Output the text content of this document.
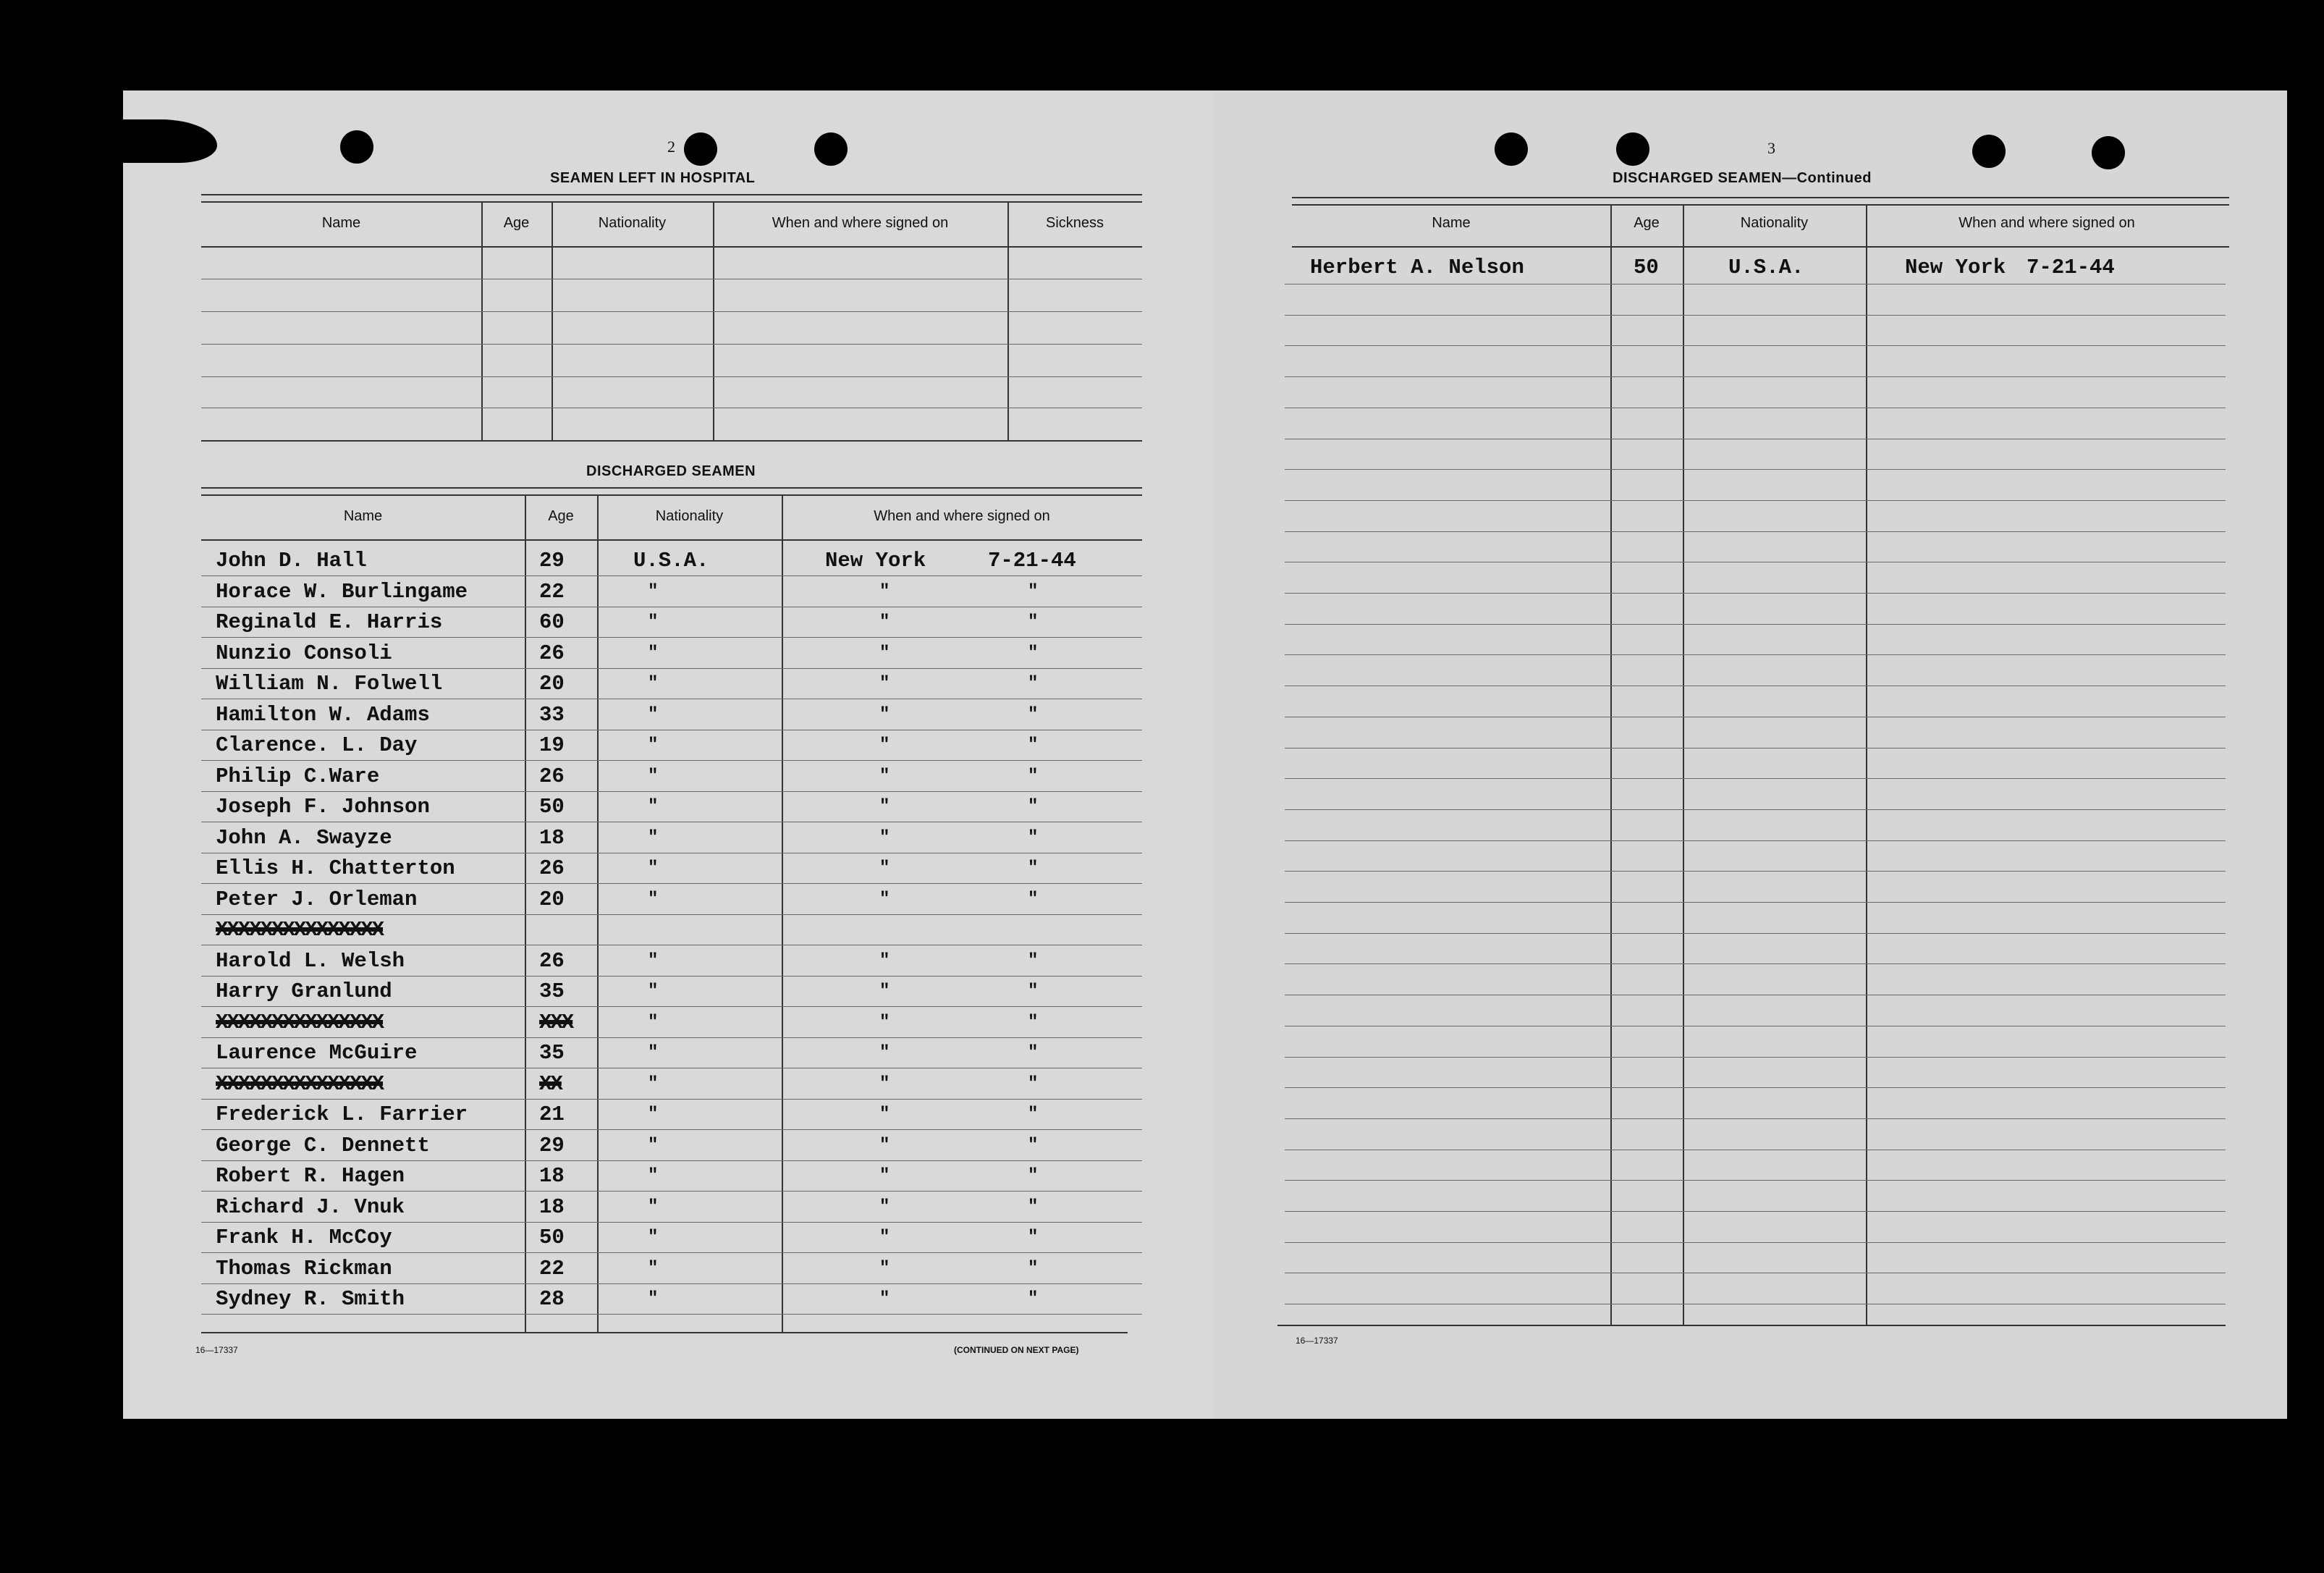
2
SEAMEN LEFT IN HOSPITAL
Name	Age	Nationality	When and where signed on	Sickness
DISCHARGED SEAMEN
Name	Age	Nationality	When and where signed on
John D. Hall	29	U.S.A.	New York	7-21-44
Horace W. Burlingame	22	"	"	"
Reginald E. Harris	60	"	"	"
Nunzio Consoli	26	"	"	"
William N. Folwell	20	"	"	"
Hamilton W. Adams	33	"	"	"
Clarence. L. Day	19	"	"	"
Philip C.Ware	26	"	"	"
Joseph F. Johnson	50	"	"	"
John A. Swayze	18	"	"	"
Ellis H. Chatterton	26	"	"	"
Peter J. Orleman	20	"	"	"
XXXXXXXXXXXXXXX
Harold L. Welsh	26	"	"	"
Harry Granlund	35	"	"	"
XXXXXXXXXXXXXXX	XXX	"	"	"
Laurence McGuire	35	"	"	"
XXXXXXXXXXXXXXX	XX	"	"	"
Frederick L. Farrier	21	"	"	"
George C. Dennett	29	"	"	"
Robert R. Hagen	18	"	"	"
Richard J. Vnuk	18	"	"	"
Frank H. McCoy	50	"	"	"
Thomas Rickman	22	"	"	"
Sydney R. Smith	28	"	"	"
16—17337	(CONTINUED ON NEXT PAGE)
3
DISCHARGED SEAMEN—Continued
Name	Age	Nationality	When and where signed on
Herbert A. Nelson	50	U.S.A.	New York 7-21-44
16—17337
